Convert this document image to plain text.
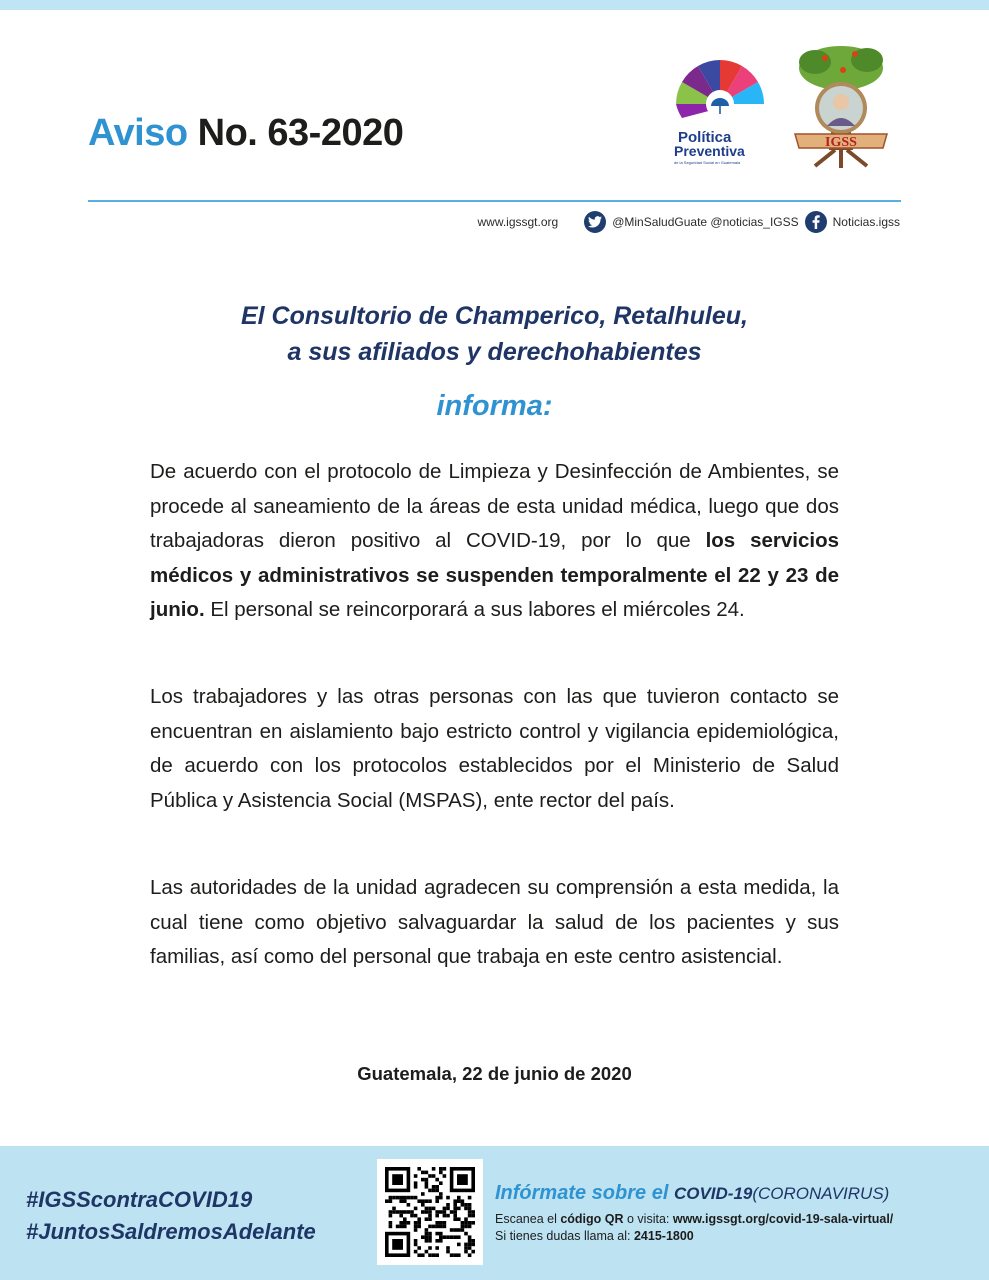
Aviso No. 63-2020	Política
Preventiva
de la Seguridad Social en Guatemala
IGSS
www.igssgt.org	@MinSaludGuate @noticias_IGSS	Noticias.igss
El Consultorio de Champerico, Retalhuleu,
a sus afiliados y derechohabientes
informa:
De acuerdo con el protocolo de Limpieza y Desinfección de Ambientes, se procede al saneamiento de la áreas de esta unidad médica, luego que dos trabajadoras dieron positivo al COVID-19, por lo que los servicios médicos y administrativos se suspenden temporalmente el 22 y 23 de junio. El personal se reincorporará a sus labores el miércoles 24.
Los trabajadores y las otras personas con las que tuvieron contacto se encuentran en aislamiento bajo estricto control y vigilancia epidemiológica, de acuerdo con los protocolos establecidos por el Ministerio de Salud Pública y Asistencia Social (MSPAS), ente rector del país.
Las autoridades de la unidad agradecen su comprensión a esta medida, la cual tiene como objetivo salvaguardar la salud de los pacientes y sus familias, así como del personal que trabaja en este centro asistencial.
Guatemala, 22 de junio de 2020
#IGSScontraCOVID19
#JuntosSaldremosAdelante
Infórmate sobre el COVID-19(CORONAVIRUS)
Escanea el código QR o visita: www.igssgt.org/covid-19-sala-virtual/
Si tienes dudas llama al: 2415-1800
